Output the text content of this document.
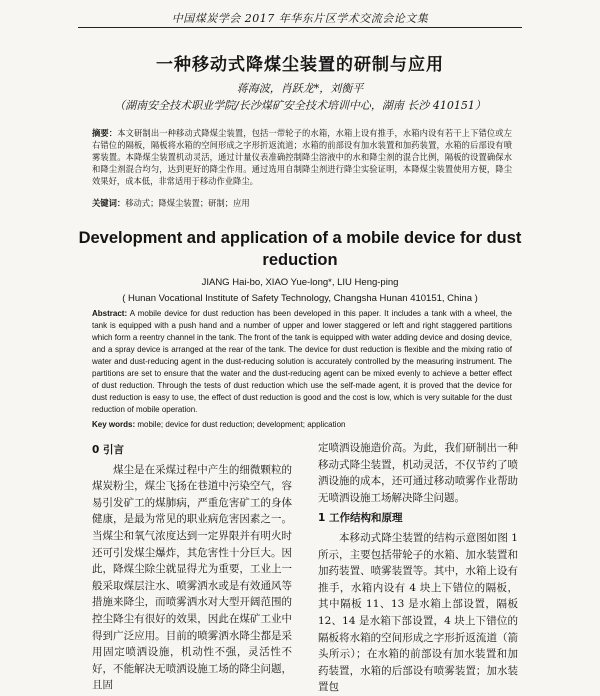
中国煤炭学会 2017 年华东片区学术交流会论文集
一种移动式降煤尘装置的研制与应用
蒋海波，肖跃龙*，刘衡平
（湖南安全技术职业学院/长沙煤矿安全技术培训中心，湖南 长沙 410151）
摘要：本文研制出一种移动式降煤尘装置，包括一带轮子的水箱，水箱上设有推手，水箱内设有若干上下错位或左右错位的隔板，隔板将水箱的空间形成之字形折返流道；水箱的前部设有加水装置和加药装置，水箱的后部设有喷雾装置。本降煤尘装置机动灵活，通过计量仪表准确控制降尘溶液中的水和降尘剂的混合比例，隔板的设置确保水和降尘剂混合均匀，达到更好的降尘作用。通过选用自制降尘剂进行降尘实验证明，本降煤尘装置使用方便，降尘效果好，成本低，非常适用于移动作业降尘。
关键词：移动式；降煤尘装置；研制；应用
Development and application of a mobile device for dust reduction
JIANG Hai-bo, XIAO Yue-long*, LIU Heng-ping
( Hunan Vocational Institute of Safety Technology, Changsha Hunan 410151, China )
Abstract: A mobile device for dust reduction has been developed in this paper. It includes a tank with a wheel, the tank is equipped with a push hand and a number of upper and lower staggered or left and right staggered partitions which form a reentry channel in the tank. The front of the tank is equipped with water adding device and dosing device, and a spray device is arranged at the rear of the tank. The device for dust reduction is flexible and the mixing ratio of water and dust-reducing agent in the dust-reducing solution is accurately controlled by the measuring instrument. The partitions are set to ensure that the water and the dust-reducing agent can be mixed evenly to achieve a better effect of dust reduction. Through the tests of dust reduction which use the self-made agent, it is proved that the device for dust reduction is easy to use, the effect of dust reduction is good and the cost is low, which is very suitable for the dust reduction of mobile operation.
Key words: mobile; device for dust reduction; development; application
0 引言

煤尘是在采煤过程中产生的细微颗粒的煤炭粉尘，煤尘飞扬在巷道中污染空气，容易引发矿工的煤肺病，严重危害矿工的身体健康，是最为常见的职业病危害因素之一。当煤尘和氧气浓度达到一定界限并有明火时还可引发煤尘爆炸，其危害性十分巨大。因此，降煤尘除尘就显得尤为重要，工业上一般采取煤层注水、喷雾洒水或是有效通风等措施来降尘，而喷雾洒水对大型开阔范围的控尘降尘有很好的效果，因此在煤矿工业中得到广泛应用。目前的喷雾洒水降尘都是采用固定喷洒设施，机动性不强，灵活性不好，不能解决无喷洒设施工场的降尘问题，且固

定喷洒设施造价高。为此，我们研制出一种移动式降尘装置，机动灵活，不仅节约了喷洒设施的成本，还可通过移动喷雾作业帮助无喷洒设施工场解决降尘问题。

1 工作结构和原理

本移动式降尘装置的结构示意图如图 1 所示，主要包括带轮子的水箱、加水装置和加药装置、喷雾装置等。其中，水箱上设有推手，水箱内设有 4 块上下错位的隔板，其中隔板 11、13 是水箱上部设置，隔板 12、14 是水箱下部设置，4 块上下错位的隔板将水箱的空间形成之字形折返流道（箭头所示）；在水箱的前部设有加水装置和加药装置，水箱的后部设有喷雾装置；加水装置包
